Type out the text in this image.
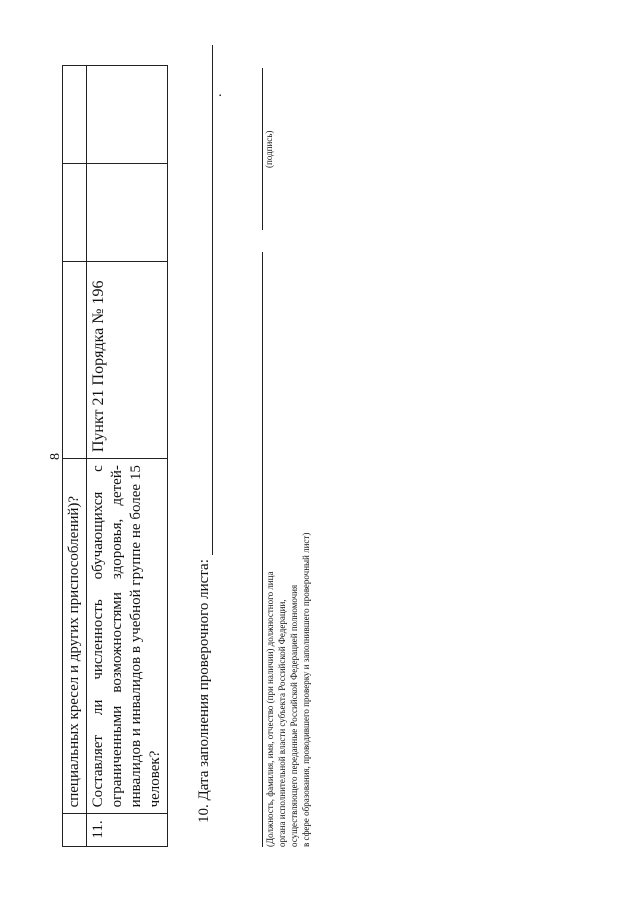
8
	специальных кресел и других приспособлений)?			
11.	Составляет ли численность обучающихся с ограниченными возможностями здоровья, детей-инвалидов и инвалидов в учебной группе не более 15 человек?	Пункт 21 Порядка № 196		
10. Дата заполнения проверочного листа:
.
(Должность, фамилия, имя, отчество (при наличии) должностного лица органа исполнительной власти субъекта Российской Федерации, осуществляющего переданные Российской Федерацией полномочия в сфере образования, проводившего проверку и заполнившего проверочный лист)
(подпись)
